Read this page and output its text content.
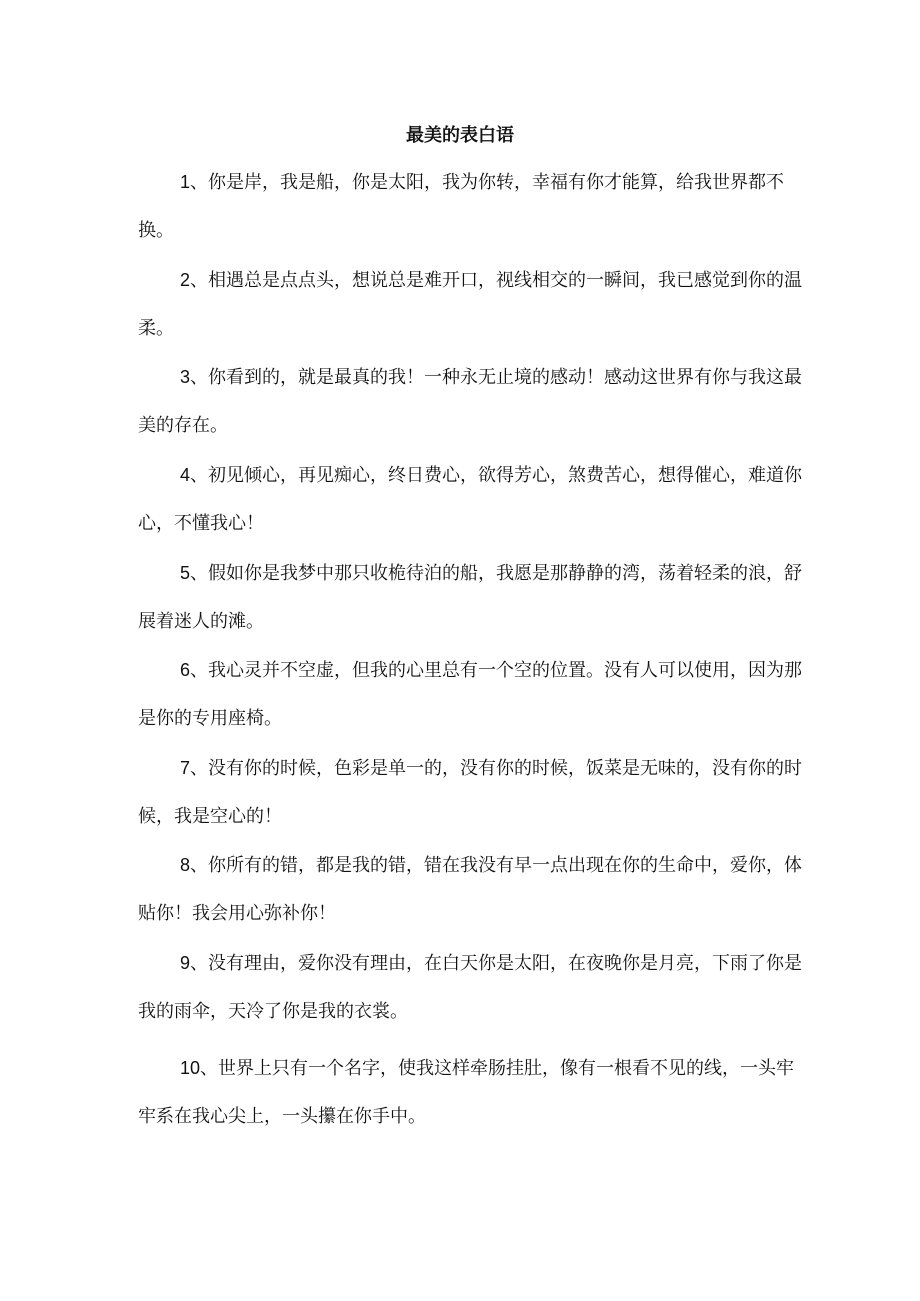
最美的表白语

1、你是岸，我是船，你是太阳，我为你转，幸福有你才能算，给我世界都不换。

2、相遇总是点点头，想说总是难开口，视线相交的一瞬间，我已感觉到你的温柔。

3、你看到的，就是最真的我！一种永无止境的感动！感动这世界有你与我这最美的存在。

4、初见倾心，再见痴心，终日费心，欲得芳心，煞费苦心，想得催心，难道你心，不懂我心！

5、假如你是我梦中那只收桅待泊的船，我愿是那静静的湾，荡着轻柔的浪，舒展着迷人的滩。

6、我心灵并不空虚，但我的心里总有一个空的位置。没有人可以使用，因为那是你的专用座椅。

7、没有你的时候，色彩是单一的，没有你的时候，饭菜是无味的，没有你的时候，我是空心的！

8、你所有的错，都是我的错，错在我没有早一点出现在你的生命中，爱你，体贴你！我会用心弥补你！

9、没有理由，爱你没有理由，在白天你是太阳，在夜晚你是月亮，下雨了你是我的雨伞，天冷了你是我的衣裳。

10、世界上只有一个名字，使我这样牵肠挂肚，像有一根看不见的线，一头牢牢系在我心尖上，一头攥在你手中。
